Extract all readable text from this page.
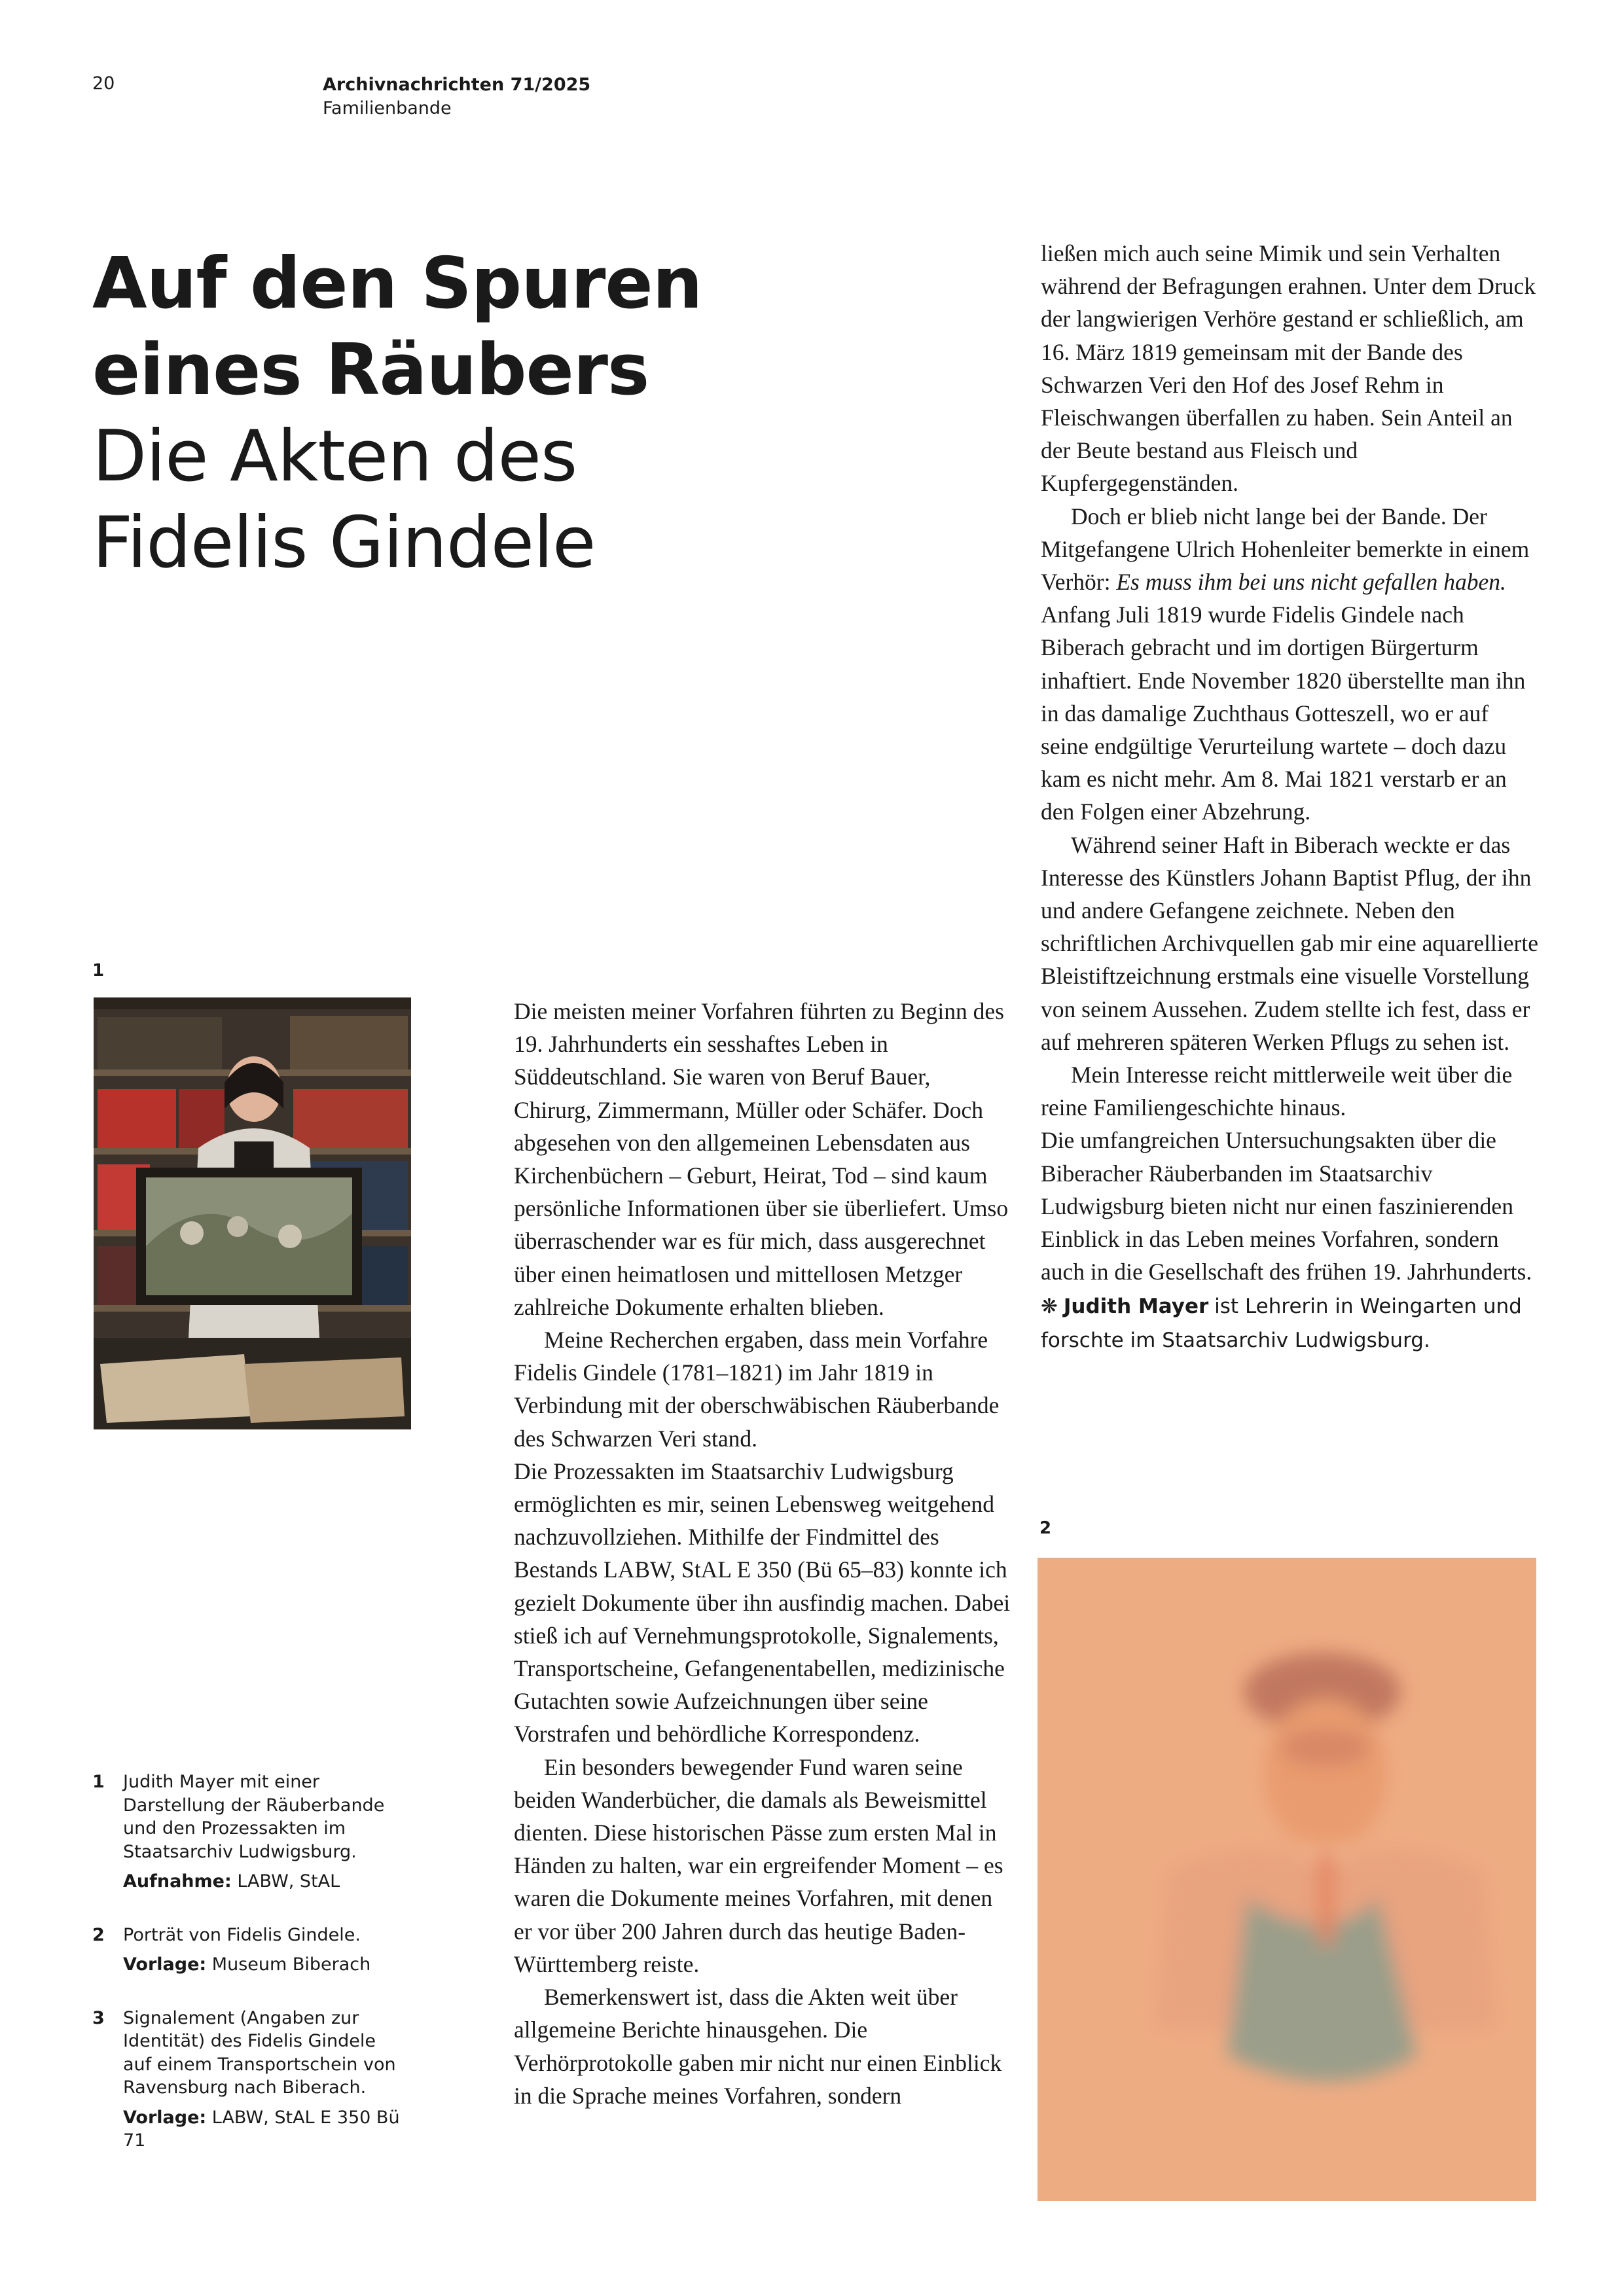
20	Archivnachrichten 71/2025
Familienbande
Auf den Spuren
eines Räubers
Die Akten des
Fidelis Gindele
1
2

Die meisten meiner Vorfahren führten zu Beginn des 19. Jahrhunderts ein sesshaftes Leben in Süddeutschland. Sie waren von Beruf Bauer, Chirurg, Zimmermann, Müller oder Schäfer. Doch abgesehen von den allgemeinen Lebensdaten aus Kirchenbüchern – Geburt, Heirat, Tod – sind kaum persönliche Informationen über sie überliefert. Umso überraschender war es für mich, dass ausgerechnet über einen heimatlosen und mittellosen Metzger zahlreiche Dokumente erhalten blieben.

Meine Recherchen ergaben, dass mein Vorfahre Fidelis Gindele (1781–1821) im Jahr 1819 in Verbindung mit der oberschwäbischen Räuberbande des Schwarzen Veri stand.

Die Prozessakten im Staatsarchiv Ludwigsburg ermöglichten es mir, seinen Lebensweg weitgehend nachzuvollziehen. Mithilfe der Findmittel des Bestands LABW, StAL E 350 (Bü 65–83) konnte ich gezielt Dokumente über ihn ausfindig machen. Dabei stieß ich auf Vernehmungsprotokolle, Signalements, Transportscheine, Gefangenentabellen, medizinische Gutachten sowie Aufzeichnungen über seine Vorstrafen und behördliche Korrespondenz.

Ein besonders bewegender Fund waren seine beiden Wanderbücher, die damals als Beweismittel dienten. Diese historischen Pässe zum ersten Mal in Händen zu halten, war ein ergreifender Moment – es waren die Dokumente meines Vorfahren, mit denen er vor über 200 Jahren durch das heutige Baden-Württemberg reiste.

Bemerkenswert ist, dass die Akten weit über allgemeine Berichte hinausgehen. Die Verhörprotokolle gaben mir nicht nur einen Einblick in die Sprache meines Vorfahren, sondern

ließen mich auch seine Mimik und sein Verhalten während der Befragungen erahnen. Unter dem Druck der langwierigen Verhöre gestand er schließlich, am 16. März 1819 gemeinsam mit der Bande des Schwarzen Veri den Hof des Josef Rehm in Fleischwangen überfallen zu haben. Sein Anteil an der Beute bestand aus Fleisch und Kupfergegenständen.

Doch er blieb nicht lange bei der Bande. Der Mitgefangene Ulrich Hohenleiter bemerkte in einem Verhör: Es muss ihm bei uns nicht gefallen haben. Anfang Juli 1819 wurde Fidelis Gindele nach Biberach gebracht und im dortigen Bürgerturm inhaftiert. Ende November 1820 überstellte man ihn in das damalige Zuchthaus Gotteszell, wo er auf seine endgültige Verurteilung wartete – doch dazu kam es nicht mehr. Am 8. Mai 1821 verstarb er an den Folgen einer Abzehrung.

Während seiner Haft in Biberach weckte er das Interesse des Künstlers Johann Baptist Pflug, der ihn und andere Gefangene zeichnete. Neben den schriftlichen Archivquellen gab mir eine aquarellierte Bleistiftzeichnung erstmals eine visuelle Vorstellung von seinem Aussehen. Zudem stellte ich fest, dass er auf mehreren späteren Werken Pflugs zu sehen ist.

Mein Interesse reicht mittlerweile weit über die reine Familiengeschichte hinaus.

Die umfangreichen Untersuchungsakten über die Biberacher Räuberbanden im Staatsarchiv Ludwigsburg bieten nicht nur einen faszinierenden Einblick in das Leben meines Vorfahren, sondern auch in die Gesellschaft des frühen 19. Jahrhunderts. ❋ Judith Mayer ist Lehrerin in Weingarten und forschte im Staatsarchiv Ludwigsburg.

1 Judith Mayer mit einer Darstellung der Räuberbande und den Prozessakten im Staatsarchiv Ludwigsburg.
Aufnahme: LABW, StAL
2 Porträt von Fidelis Gindele.
Vorlage: Museum Biberach
3 Signalement (Angaben zur Identität) des Fidelis Gindele auf einem Transportschein von Ravensburg nach Biberach.
Vorlage: LABW, StAL E 350 Bü 71
